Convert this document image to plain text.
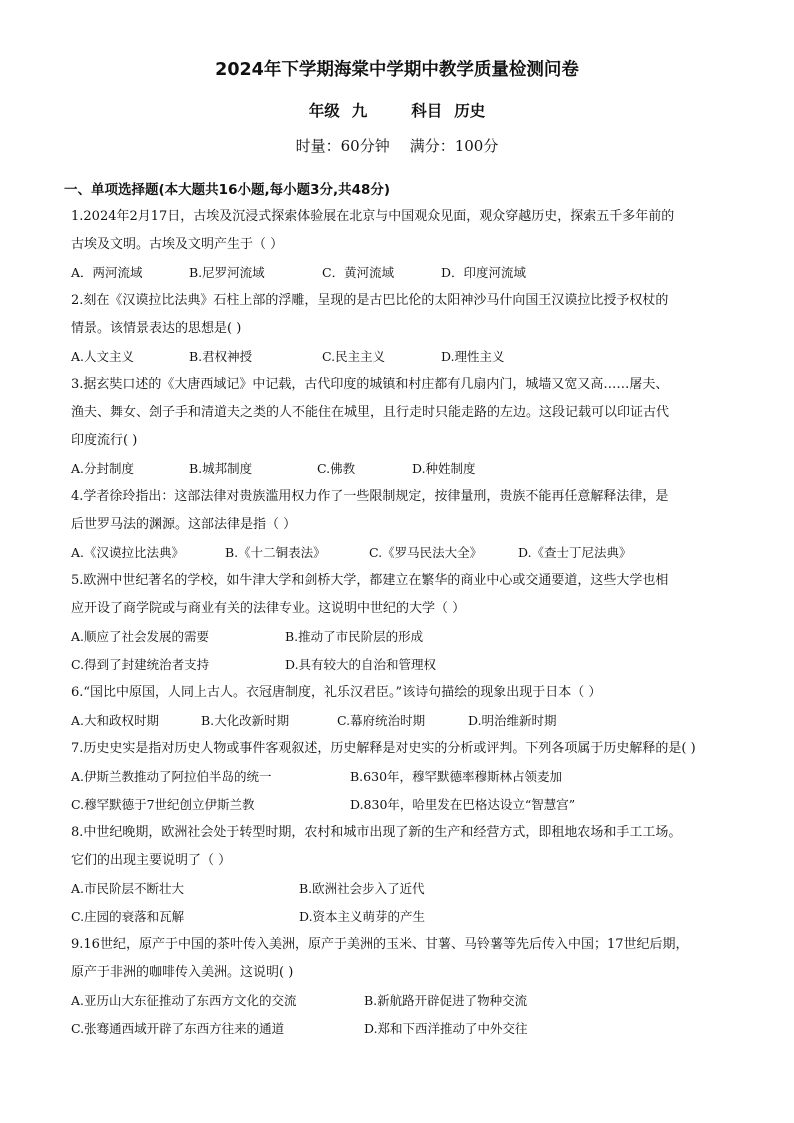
2024年下学期海棠中学期中教学质量检测问卷
年级 九	科目 历史
时量：60分钟 满分：100分
一、单项选择题(本大题共16小题,每小题3分,共48分)
1.2024年2月17日，古埃及沉浸式探索体验展在北京与中国观众见面，观众穿越历史，探索五千多年前的
古埃及文明。古埃及文明产生于（ ）
A．两河流域	B.尼罗河流域	C．黄河流域	D．印度河流域
2.刻在《汉谟拉比法典》石柱上部的浮雕，呈现的是古巴比伦的太阳神沙马什向国王汉谟拉比授予权杖的
情景。该情景表达的思想是( )
A.人文主义	B.君权神授	C.民主主义	D.理性主义
3.据玄奘口述的《大唐西域记》中记载，古代印度的城镇和村庄都有几扇内门，城墙又宽又高……屠夫、
渔夫、舞女、刽子手和清道夫之类的人不能住在城里，且行走时只能走路的左边。这段记载可以印证古代
印度流行( )
A.分封制度	B.城邦制度	C.佛教	D.种姓制度
4.学者徐玲指出：这部法律对贵族滥用权力作了一些限制规定，按律量刑，贵族不能再任意解释法律，是
后世罗马法的渊源。这部法律是指（ ）
A.《汉谟拉比法典》	B.《十二铜表法》	C.《罗马民法大全》	D.《查士丁尼法典》
5.欧洲中世纪著名的学校，如牛津大学和剑桥大学，都建立在繁华的商业中心或交通要道，这些大学也相
应开设了商学院或与商业有关的法律专业。这说明中世纪的大学（ ）
A.顺应了社会发展的需要	B.推动了市民阶层的形成
C.得到了封建统治者支持	D.具有较大的自治和管理权
6.“国比中原国，人同上古人。衣冠唐制度，礼乐汉君臣。”该诗句描绘的现象出现于日本（ ）
A.大和政权时期	B.大化改新时期	C.幕府统治时期	D.明治维新时期
7.历史史实是指对历史人物或事件客观叙述，历史解释是对史实的分析或评判。下列各项属于历史解释的是( )
A.伊斯兰教推动了阿拉伯半岛的统一	B.630年，穆罕默德率穆斯林占领麦加
C.穆罕默德于7世纪创立伊斯兰教	D.830年，哈里发在巴格达设立“智慧宫”
8.中世纪晚期，欧洲社会处于转型时期，农村和城市出现了新的生产和经营方式，即租地农场和手工工场。
它们的出现主要说明了（ ）
A.市民阶层不断壮大	B.欧洲社会步入了近代
C.庄园的衰落和瓦解	D.资本主义萌芽的产生
9.16世纪，原产于中国的茶叶传入美洲，原产于美洲的玉米、甘薯、马铃薯等先后传入中国；17世纪后期，
原产于非洲的咖啡传入美洲。这说明( )
A.亚历山大东征推动了东西方文化的交流	B.新航路开辟促进了物种交流
C.张骞通西域开辟了东西方往来的通道	D.郑和下西洋推动了中外交往
